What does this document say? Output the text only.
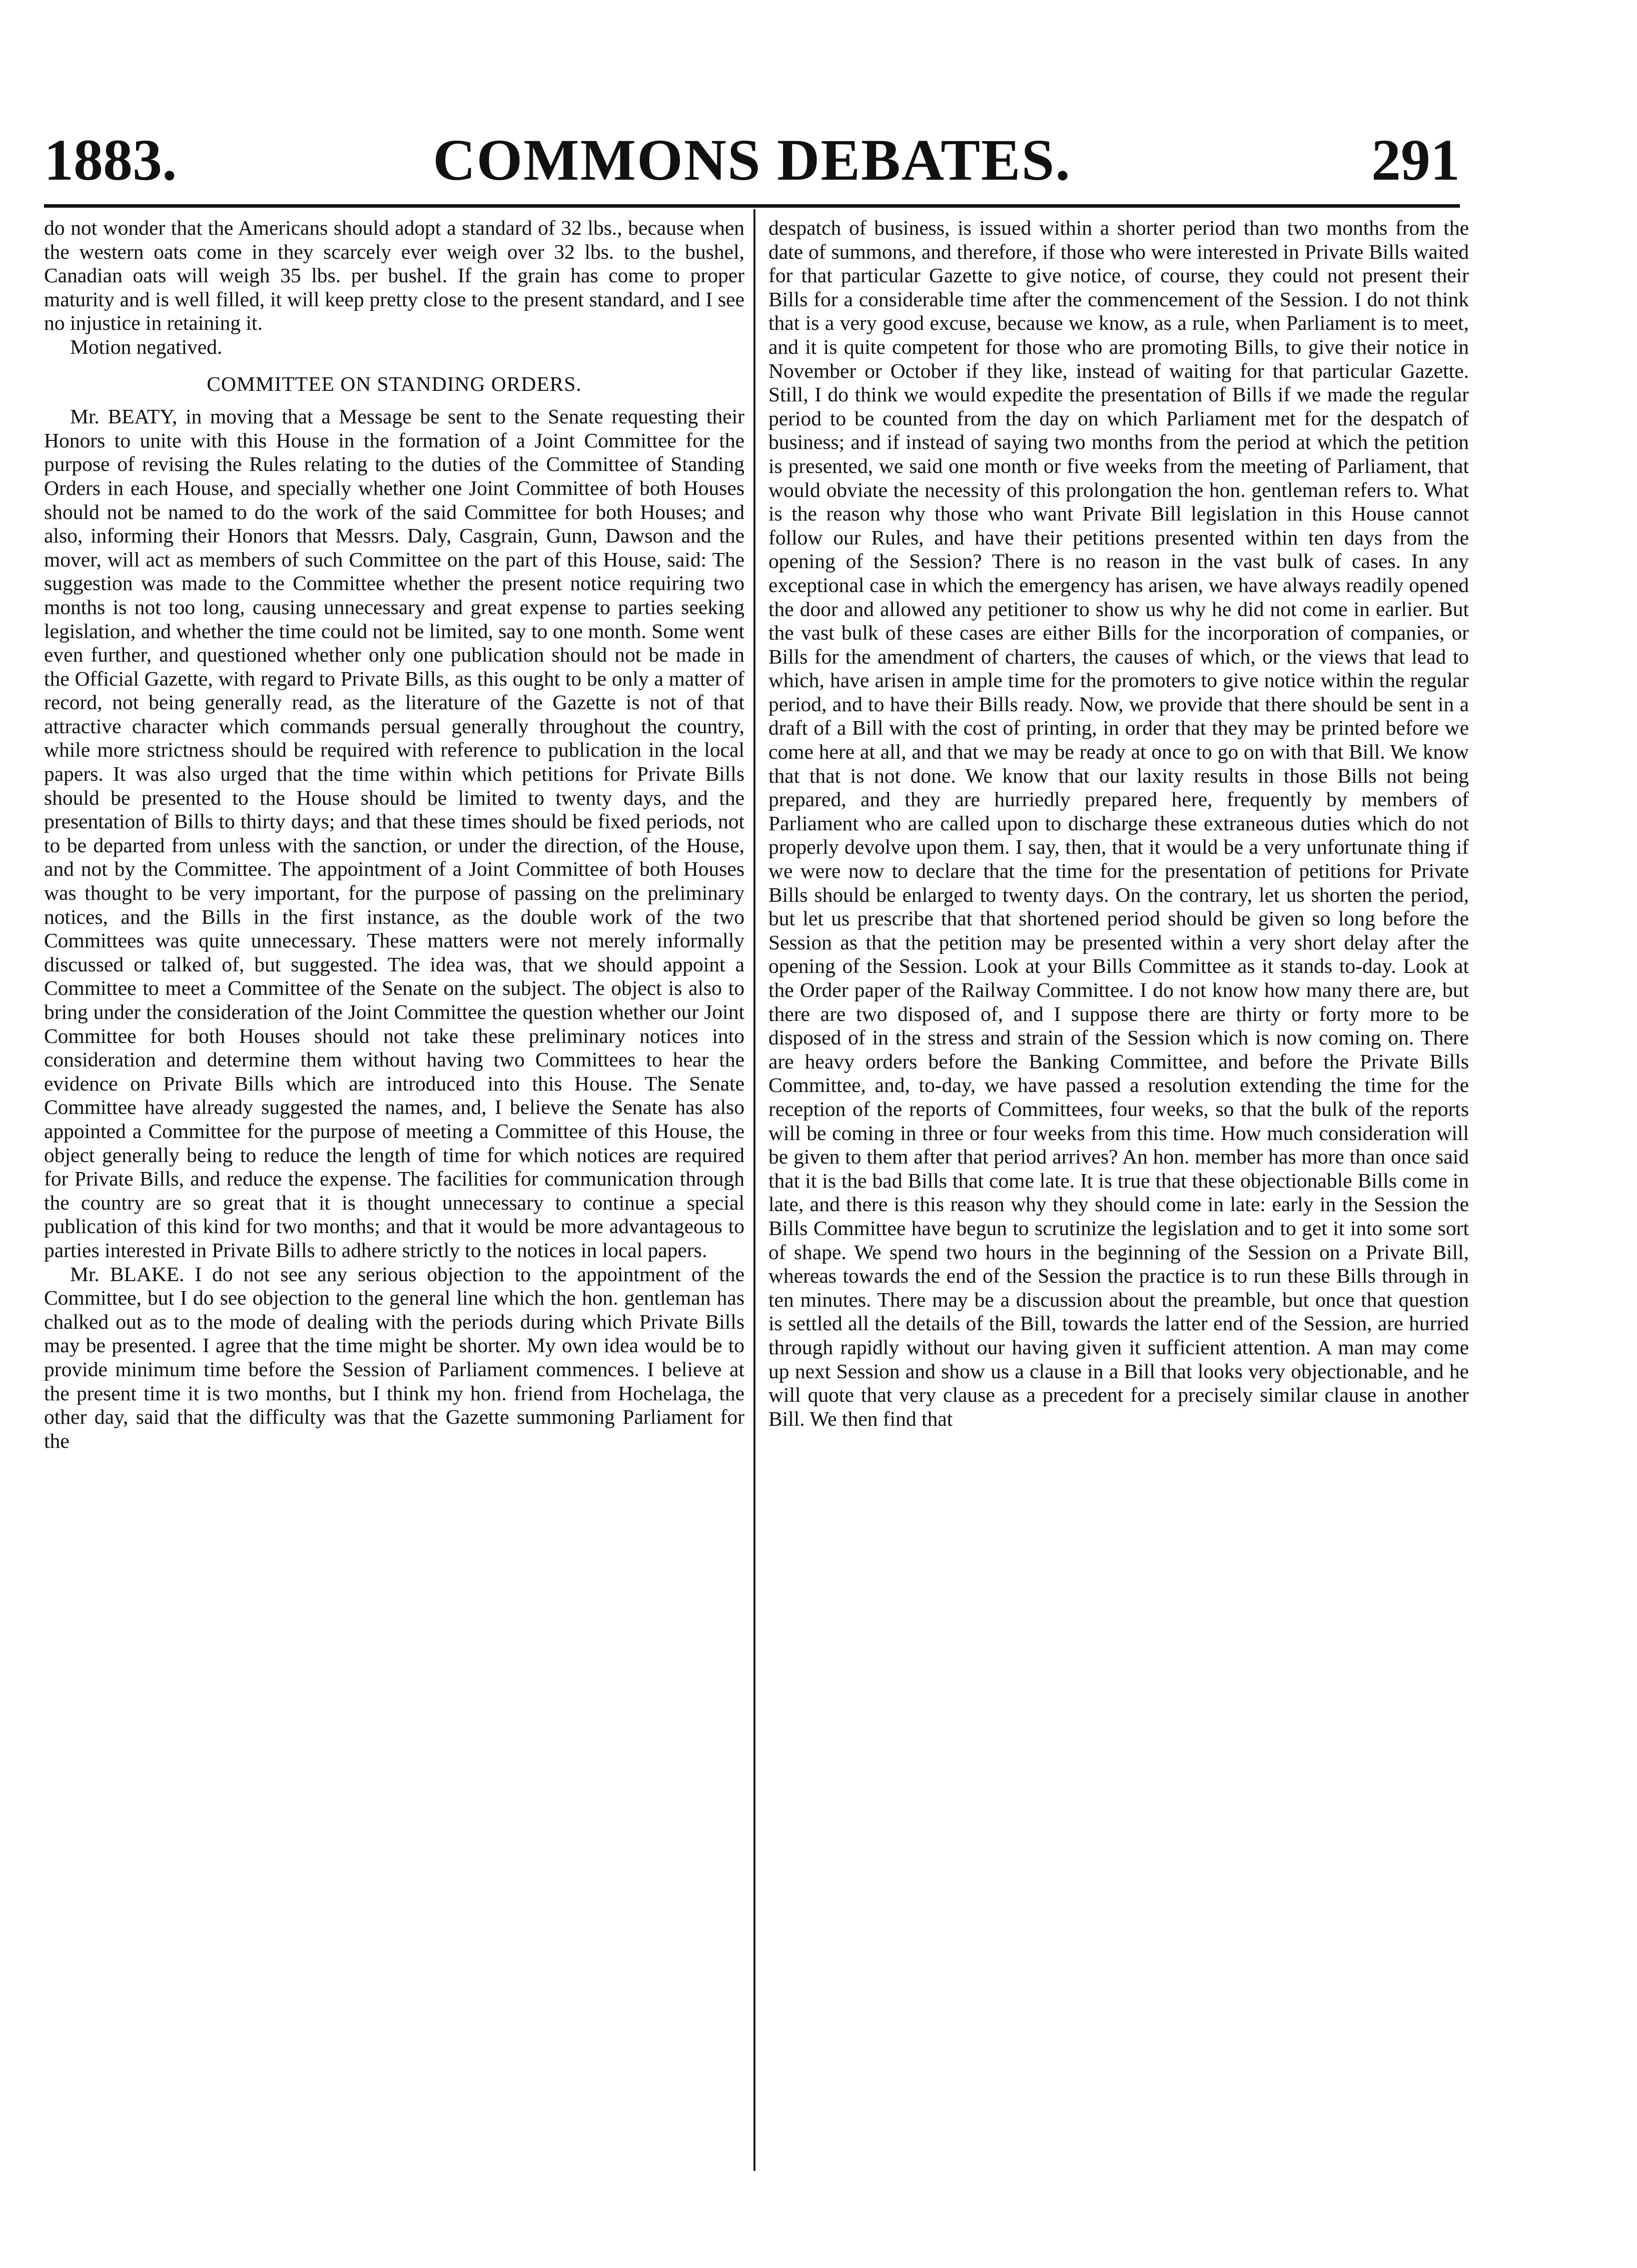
1883.	COMMONS DEBATES.	291

do not wonder that the Americans should adopt a standard of 32 lbs., because when the western oats come in they scarcely ever weigh over 32 lbs. to the bushel, Canadian oats will weigh 35 lbs. per bushel. If the grain has come to proper maturity and is well filled, it will keep pretty close to the present standard, and I see no injustice in retaining it.

Motion negatived.

COMMITTEE ON STANDING ORDERS.

Mr. BEATY, in moving that a Message be sent to the Senate requesting their Honors to unite with this House in the formation of a Joint Committee for the purpose of revising the Rules relating to the duties of the Committee of Standing Orders in each House, and specially whether one Joint Committee of both Houses should not be named to do the work of the said Committee for both Houses; and also, informing their Honors that Messrs. Daly, Casgrain, Gunn, Dawson and the mover, will act as members of such Committee on the part of this House, said: The suggestion was made to the Committee whether the present notice requiring two months is not too long, causing unnecessary and great expense to parties seeking legislation, and whether the time could not be limited, say to one month. Some went even further, and questioned whether only one publication should not be made in the Official Gazette, with regard to Private Bills, as this ought to be only a matter of record, not being generally read, as the literature of the Gazette is not of that attractive character which commands persual generally throughout the country, while more strictness should be required with reference to publication in the local papers. It was also urged that the time within which petitions for Private Bills should be presented to the House should be limited to twenty days, and the presentation of Bills to thirty days; and that these times should be fixed periods, not to be departed from unless with the sanction, or under the direction, of the House, and not by the Committee. The appointment of a Joint Committee of both Houses was thought to be very important, for the purpose of passing on the preliminary notices, and the Bills in the first instance, as the double work of the two Committees was quite unnecessary. These matters were not merely informally discussed or talked of, but suggested. The idea was, that we should appoint a Committee to meet a Committee of the Senate on the subject. The object is also to bring under the consideration of the Joint Committee the question whether our Joint Committee for both Houses should not take these preliminary notices into consideration and determine them without having two Committees to hear the evidence on Private Bills which are introduced into this House. The Senate Committee have already suggested the names, and, I believe the Senate has also appointed a Committee for the purpose of meeting a Committee of this House, the object generally being to reduce the length of time for which notices are required for Private Bills, and reduce the expense. The facilities for communication through the country are so great that it is thought unnecessary to continue a special publication of this kind for two months; and that it would be more advantageous to parties interested in Private Bills to adhere strictly to the notices in local papers.

Mr. BLAKE. I do not see any serious objection to the appointment of the Committee, but I do see objection to the general line which the hon. gentleman has chalked out as to the mode of dealing with the periods during which Private Bills may be presented. I agree that the time might be shorter. My own idea would be to provide minimum time before the Session of Parliament commences. I believe at the present time it is two months, but I think my hon. friend from Hochelaga, the other day, said that the difficulty was that the Gazette summoning Parliament for the

despatch of business, is issued within a shorter period than two months from the date of summons, and therefore, if those who were interested in Private Bills waited for that particular Gazette to give notice, of course, they could not present their Bills for a considerable time after the commencement of the Session. I do not think that is a very good excuse, because we know, as a rule, when Parliament is to meet, and it is quite competent for those who are promoting Bills, to give their notice in November or October if they like, instead of waiting for that particular Gazette. Still, I do think we would expedite the presentation of Bills if we made the regular period to be counted from the day on which Parliament met for the despatch of business; and if instead of saying two months from the period at which the petition is presented, we said one month or five weeks from the meeting of Parliament, that would obviate the necessity of this prolongation the hon. gentleman refers to. What is the reason why those who want Private Bill legislation in this House cannot follow our Rules, and have their petitions presented within ten days from the opening of the Session? There is no reason in the vast bulk of cases. In any exceptional case in which the emergency has arisen, we have always readily opened the door and allowed any petitioner to show us why he did not come in earlier. But the vast bulk of these cases are either Bills for the incorporation of companies, or Bills for the amendment of charters, the causes of which, or the views that lead to which, have arisen in ample time for the promoters to give notice within the regular period, and to have their Bills ready. Now, we provide that there should be sent in a draft of a Bill with the cost of printing, in order that they may be printed before we come here at all, and that we may be ready at once to go on with that Bill. We know that that is not done. We know that our laxity results in those Bills not being prepared, and they are hurriedly prepared here, frequently by members of Parliament who are called upon to discharge these extraneous duties which do not properly devolve upon them. I say, then, that it would be a very unfortunate thing if we were now to declare that the time for the presentation of petitions for Private Bills should be enlarged to twenty days. On the contrary, let us shorten the period, but let us prescribe that that shortened period should be given so long before the Session as that the petition may be presented within a very short delay after the opening of the Session. Look at your Bills Committee as it stands to-day. Look at the Order paper of the Railway Committee. I do not know how many there are, but there are two disposed of, and I suppose there are thirty or forty more to be disposed of in the stress and strain of the Session which is now coming on. There are heavy orders before the Banking Committee, and before the Private Bills Committee, and, to-day, we have passed a resolution extending the time for the reception of the reports of Committees, four weeks, so that the bulk of the reports will be coming in three or four weeks from this time. How much consideration will be given to them after that period arrives? An hon. member has more than once said that it is the bad Bills that come late. It is true that these objectionable Bills come in late, and there is this reason why they should come in late: early in the Session the Bills Committee have begun to scrutinize the legislation and to get it into some sort of shape. We spend two hours in the beginning of the Session on a Private Bill, whereas towards the end of the Session the practice is to run these Bills through in ten minutes. There may be a discussion about the preamble, but once that question is settled all the details of the Bill, towards the latter end of the Session, are hurried through rapidly without our having given it sufficient attention. A man may come up next Session and show us a clause in a Bill that looks very objectionable, and he will quote that very clause as a precedent for a precisely similar clause in another Bill. We then find that
